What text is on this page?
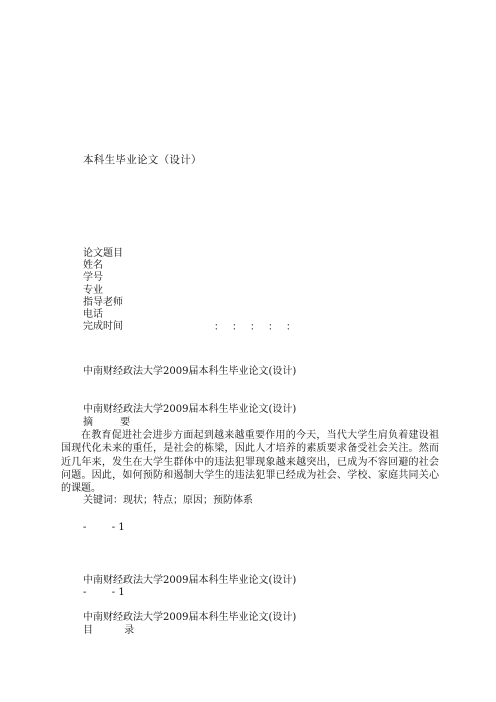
本科生毕业论文（设计）
论文题目
姓名
学号
专业
指导老师
电话
完成时间	： ： ： ： ：
中南财经政法大学2009届本科生毕业论文(设计)
中南财经政法大学2009届本科生毕业论文(设计)
摘 要
在教育促进社会进步方面起到越来越重要作用的今天，当代大学生肩负着建设祖国现代化未来的重任，是社会的栋梁，因此人才培养的素质要求备受社会关注。然而近几年来，发生在大学生群体中的违法犯罪现象越来越突出，已成为不容回避的社会问题。因此，如何预防和遏制大学生的违法犯罪已经成为社会、学校、家庭共同关心的课题。
关键词：现状；特点；原因；预防体系
-        - 1
中南财经政法大学2009届本科生毕业论文(设计)
-        - 1
中南财经政法大学2009届本科生毕业论文(设计)
目 录
